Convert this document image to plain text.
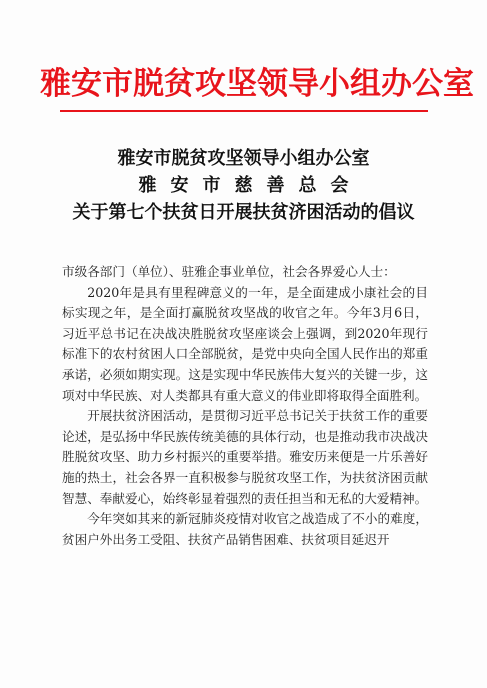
雅安市脱贫攻坚领导小组办公室
雅安市脱贫攻坚领导小组办公室
雅安市慈善总会
关于第七个扶贫日开展扶贫济困活动的倡议

市级各部门（单位）、驻雅企事业单位，社会各界爱心人士：

2020年是具有里程碑意义的一年，是全面建成小康社会的目标实现之年，是全面打赢脱贫攻坚战的收官之年。今年3月6日，习近平总书记在决战决胜脱贫攻坚座谈会上强调，到2020年现行标准下的农村贫困人口全部脱贫，是党中央向全国人民作出的郑重承诺，必须如期实现。这是实现中华民族伟大复兴的关键一步，这项对中华民族、对人类都具有重大意义的伟业即将取得全面胜利。

开展扶贫济困活动，是贯彻习近平总书记关于扶贫工作的重要论述，是弘扬中华民族传统美德的具体行动，也是推动我市决战决胜脱贫攻坚、助力乡村振兴的重要举措。雅安历来便是一片乐善好施的热土，社会各界一直积极参与脱贫攻坚工作，为扶贫济困贡献智慧、奉献爱心，始终彰显着强烈的责任担当和无私的大爱精神。

今年突如其来的新冠肺炎疫情对收官之战造成了不小的难度，贫困户外出务工受阻、扶贫产品销售困难、扶贫项目延迟开
